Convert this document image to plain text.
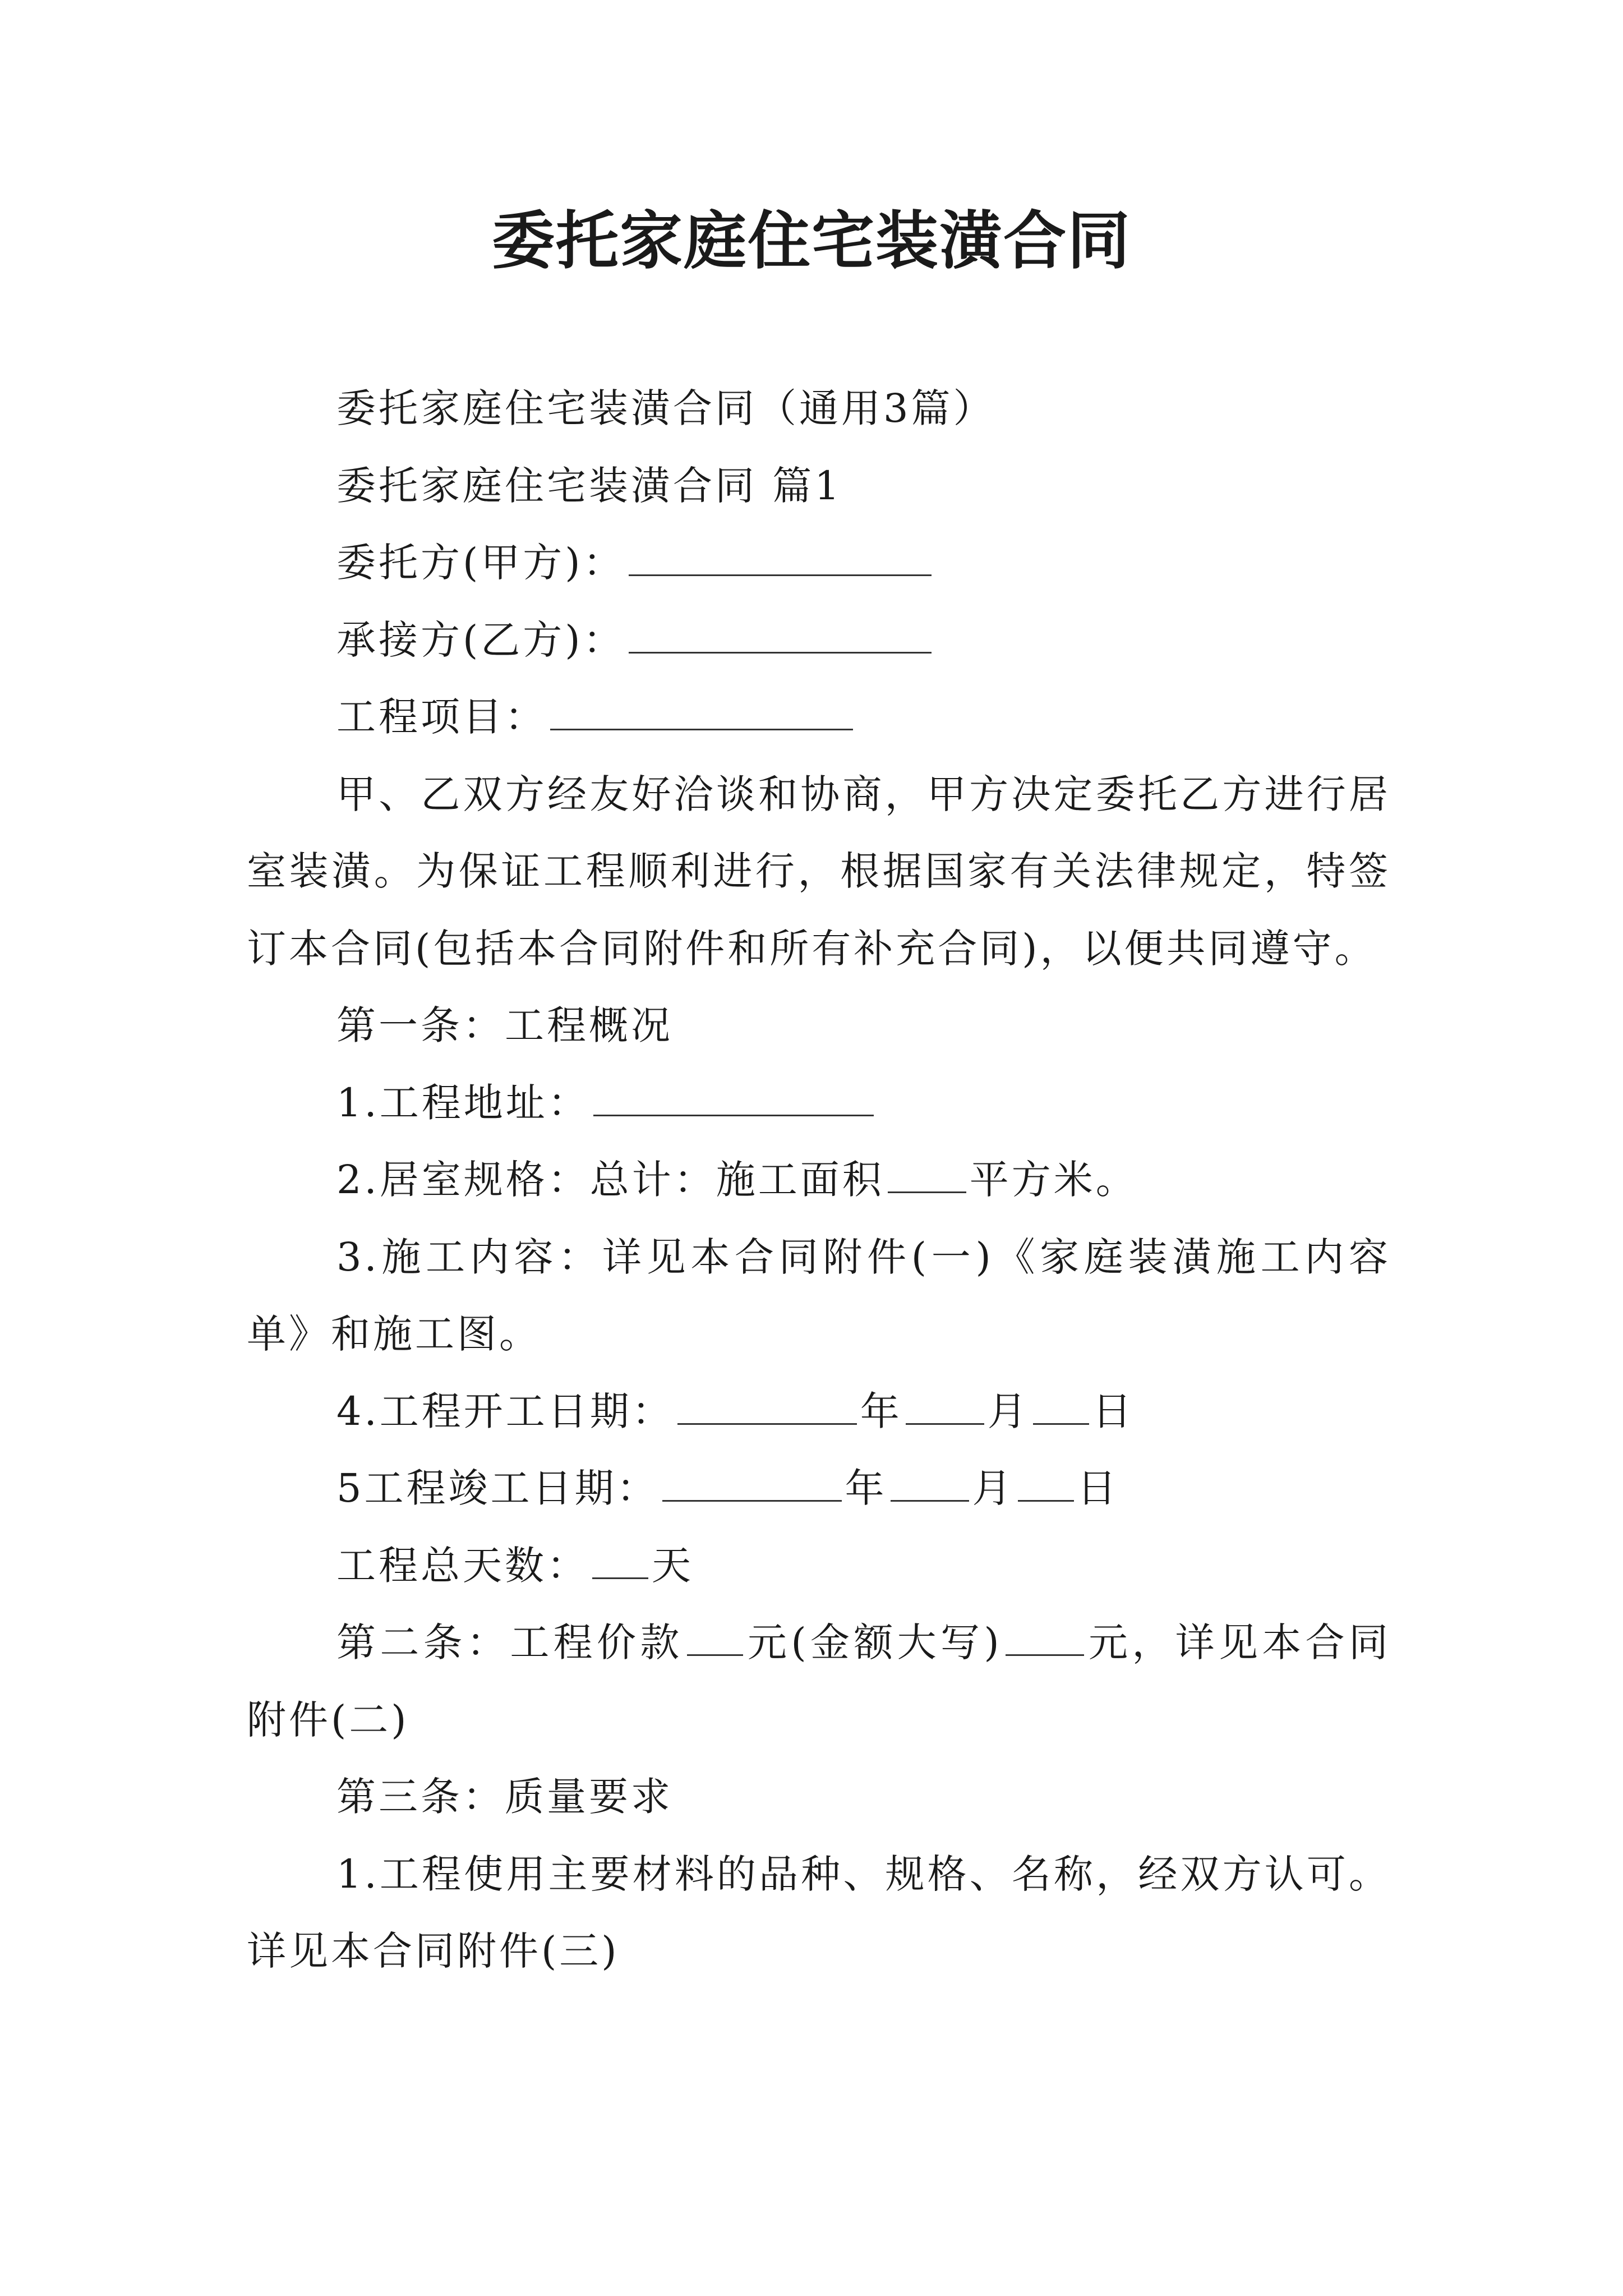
委托家庭住宅装潢合同

委托家庭住宅装潢合同（通用3篇）

委托家庭住宅装潢合同 篇1

委托方(甲方)：

承接方(乙方)：

工程项目：

甲、乙双方经友好洽谈和协商，甲方决定委托乙方进行居室装潢。为保证工程顺利进行，根据国家有关法律规定，特签订本合同(包括本合同附件和所有补充合同)，以便共同遵守。

第一条：工程概况

1.工程地址：

2.居室规格：总计：施工面积 平方米。

3.施工内容：详见本合同附件(一)《家庭装潢施工内容单》和施工图。

4.工程开工日期：	年 月 日

5工程竣工日期：	年 月 日

工程总天数： 天

第二条：工程价款 元(金额大写) 元，详见本合同附件(二)

第三条：质量要求

1.工程使用主要材料的品种、规格、名称，经双方认可。详见本合同附件(三)
